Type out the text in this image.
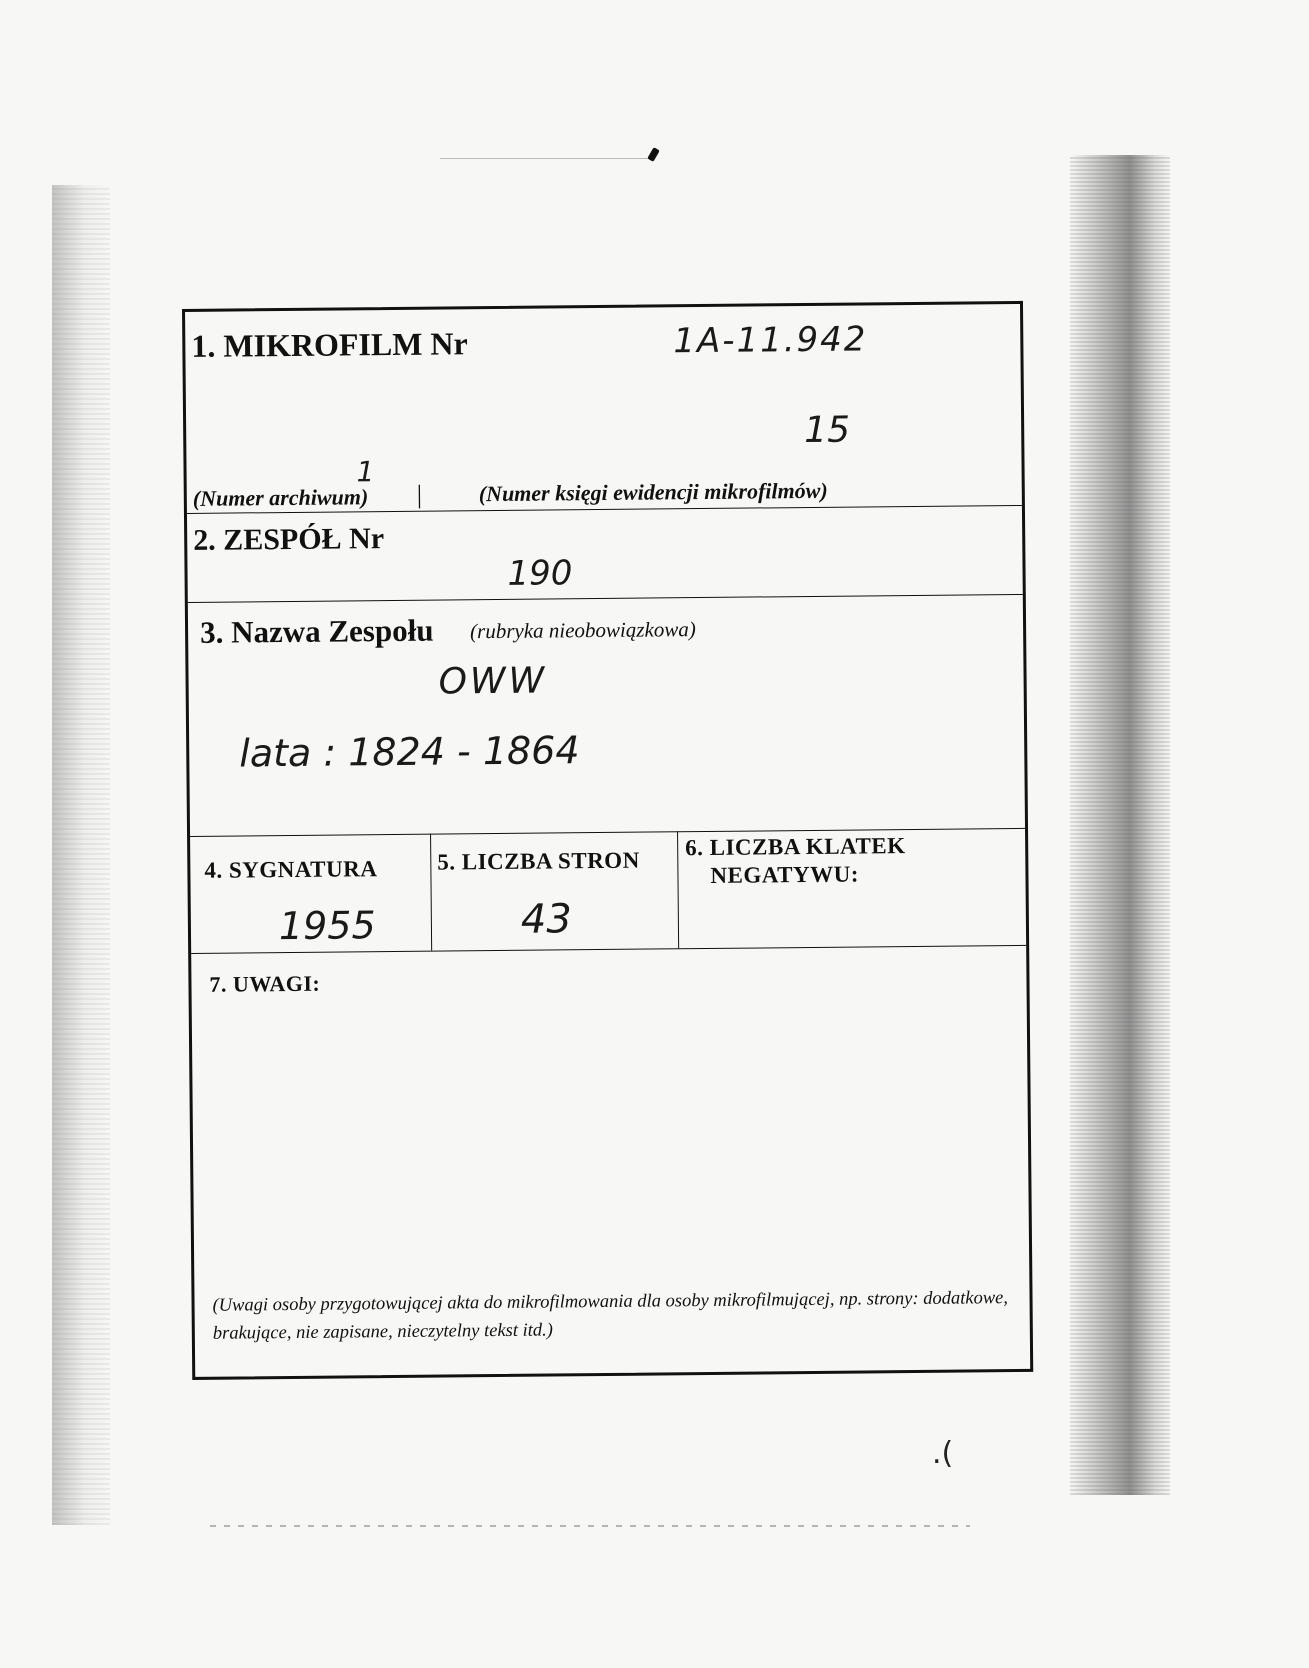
.(
1. MIKROFILM Nr	1A-11.942
15
1
(Numer archiwum) |	(Numer księgi ewidencji mikrofilmów)
2. ZESPÓŁ Nr
190
3. Nazwa Zespołu (rubryka nieobowiązkowa)
OWW
lata : 1824 - 1864
4. SYGNATURA
1955
5. LICZBA STRON
43
6. LICZBA KLATEK
NEGATYWU:
7. UWAGI:
(Uwagi osoby przygotowującej akta do mikrofilmowania dla osoby mikrofilmującej, np. strony: dodatkowe, brakujące, nie zapisane, nieczytelny tekst itd.)
